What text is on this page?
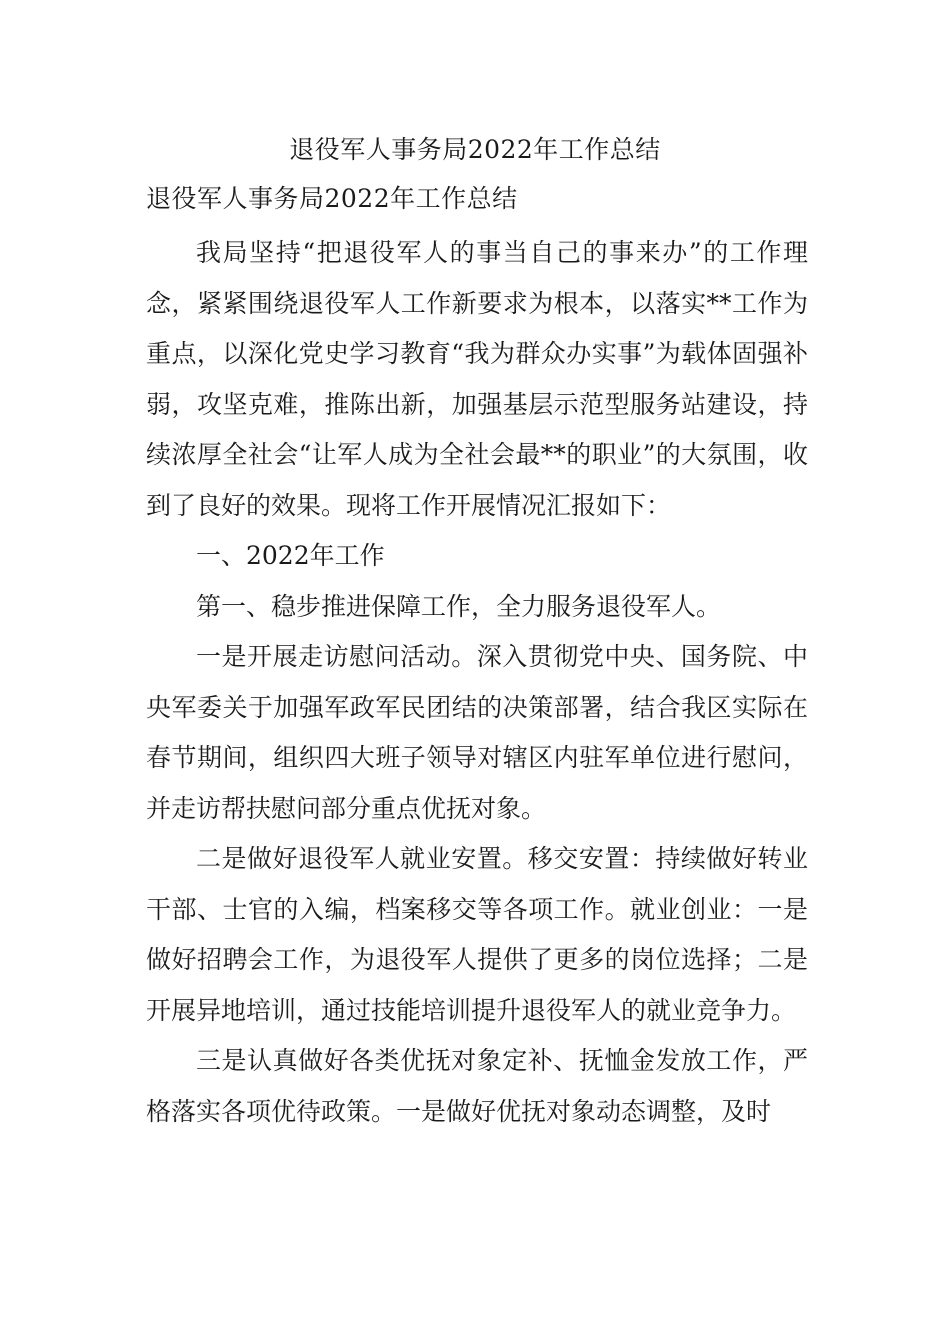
退役军人事务局2022年工作总结
退役军人事务局2022年工作总结

我局坚持“把退役军人的事当自己的事来办”的工作理念，紧紧围绕退役军人工作新要求为根本，以落实**工作为重点，以深化党史学习教育“我为群众办实事”为载体固强补弱，攻坚克难，推陈出新，加强基层示范型服务站建设，持续浓厚全社会“让军人成为全社会最**的职业”的大氛围，收到了良好的效果。现将工作开展情况汇报如下：

一、2022年工作

第一、稳步推进保障工作，全力服务退役军人。

一是开展走访慰问活动。深入贯彻党中央、国务院、中央军委关于加强军政军民团结的决策部署，结合我区实际在春节期间，组织四大班子领导对辖区内驻军单位进行慰问，并走访帮扶慰问部分重点优抚对象。

二是做好退役军人就业安置。移交安置：持续做好转业干部、士官的入编，档案移交等各项工作。就业创业：一是做好招聘会工作，为退役军人提供了更多的岗位选择；二是开展异地培训，通过技能培训提升退役军人的就业竞争力。

三是认真做好各类优抚对象定补、抚恤金发放工作，严格落实各项优待政策。一是做好优抚对象动态调整，及时
